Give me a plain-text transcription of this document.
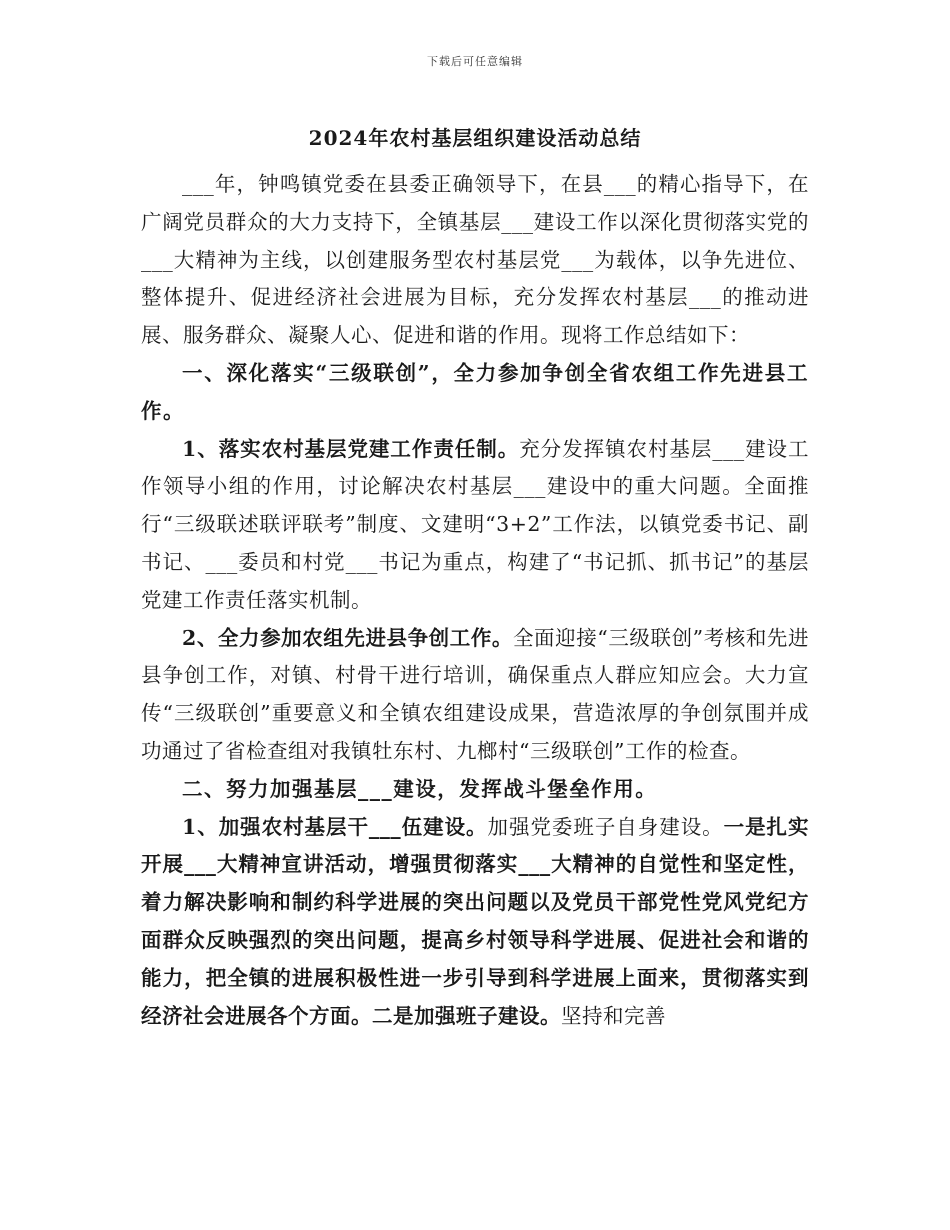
下载后可任意编辑
2024年农村基层组织建设活动总结

___年，钟鸣镇党委在县委正确领导下，在县___的精心指导下，在广阔党员群众的大力支持下，全镇基层___建设工作以深化贯彻落实党的___大精神为主线，以创建服务型农村基层党___为载体，以争先进位、整体提升、促进经济社会进展为目标，充分发挥农村基层___的推动进展、服务群众、凝聚人心、促进和谐的作用。现将工作总结如下：

一、深化落实“三级联创”，全力参加争创全省农组工作先进县工作。

1、落实农村基层党建工作责任制。充分发挥镇农村基层___建设工作领导小组的作用，讨论解决农村基层___建设中的重大问题。全面推行“三级联述联评联考”制度、文建明“3+2”工作法，以镇党委书记、副书记、___委员和村党___书记为重点，构建了“书记抓、抓书记”的基层党建工作责任落实机制。

2、全力参加农组先进县争创工作。全面迎接“三级联创”考核和先进县争创工作，对镇、村骨干进行培训，确保重点人群应知应会。大力宣传“三级联创”重要意义和全镇农组建设成果，营造浓厚的争创氛围并成功通过了省检查组对我镇牡东村、九榔村“三级联创”工作的检查。

二、努力加强基层___建设，发挥战斗堡垒作用。

1、加强农村基层干___伍建设。加强党委班子自身建设。一是扎实开展___大精神宣讲活动，增强贯彻落实___大精神的自觉性和坚定性，着力解决影响和制约科学进展的突出问题以及党员干部党性党风党纪方面群众反映强烈的突出问题，提高乡村领导科学进展、促进社会和谐的能力，把全镇的进展积极性进一步引导到科学进展上面来，贯彻落实到经济社会进展各个方面。二是加强班子建设。坚持和完善
